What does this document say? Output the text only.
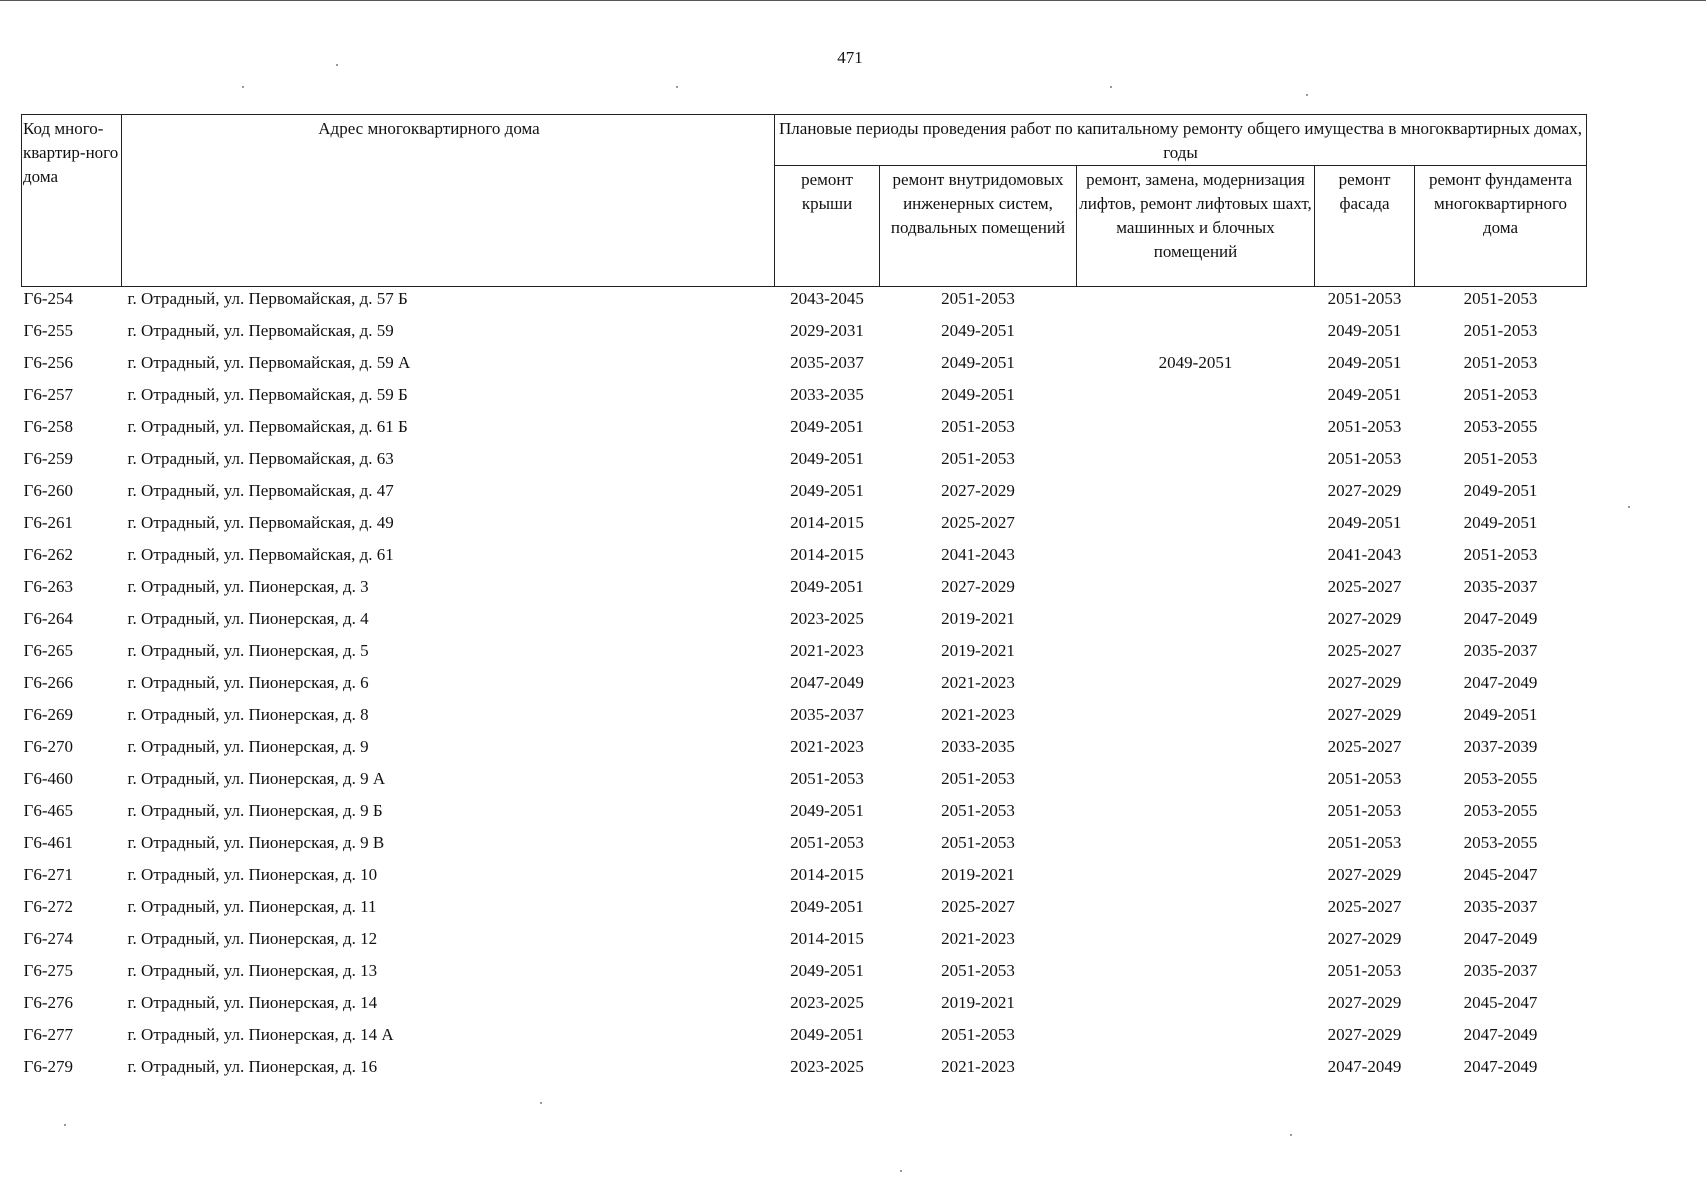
471
Код много-квартир-ного дома	Адрес многоквартирного дома	Плановые периоды проведения работ по капитальному ремонту общего имущества в многоквартирных домах, годы				
		ремонт крыши	ремонт внутридомовых инженерных систем, подвальных помещений	ремонт, замена, модернизация лифтов, ремонт лифтовых шахт, машинных и блочных помещений	ремонт фасада	ремонт фундамента многоквартирного дома
Г6-254	г. Отрадный, ул. Первомайская, д. 57 Б	2043-2045	2051-2053		2051-2053	2051-2053
Г6-255	г. Отрадный, ул. Первомайская, д. 59	2029-2031	2049-2051		2049-2051	2051-2053
Г6-256	г. Отрадный, ул. Первомайская, д. 59 А	2035-2037	2049-2051	2049-2051	2049-2051	2051-2053
Г6-257	г. Отрадный, ул. Первомайская, д. 59 Б	2033-2035	2049-2051		2049-2051	2051-2053
Г6-258	г. Отрадный, ул. Первомайская, д. 61 Б	2049-2051	2051-2053		2051-2053	2053-2055
Г6-259	г. Отрадный, ул. Первомайская, д. 63	2049-2051	2051-2053		2051-2053	2051-2053
Г6-260	г. Отрадный, ул. Первомайская, д. 47	2049-2051	2027-2029		2027-2029	2049-2051
Г6-261	г. Отрадный, ул. Первомайская, д. 49	2014-2015	2025-2027		2049-2051	2049-2051
Г6-262	г. Отрадный, ул. Первомайская, д. 61	2014-2015	2041-2043		2041-2043	2051-2053
Г6-263	г. Отрадный, ул. Пионерская, д. 3	2049-2051	2027-2029		2025-2027	2035-2037
Г6-264	г. Отрадный, ул. Пионерская, д. 4	2023-2025	2019-2021		2027-2029	2047-2049
Г6-265	г. Отрадный, ул. Пионерская, д. 5	2021-2023	2019-2021		2025-2027	2035-2037
Г6-266	г. Отрадный, ул. Пионерская, д. 6	2047-2049	2021-2023		2027-2029	2047-2049
Г6-269	г. Отрадный, ул. Пионерская, д. 8	2035-2037	2021-2023		2027-2029	2049-2051
Г6-270	г. Отрадный, ул. Пионерская, д. 9	2021-2023	2033-2035		2025-2027	2037-2039
Г6-460	г. Отрадный, ул. Пионерская, д. 9 А	2051-2053	2051-2053		2051-2053	2053-2055
Г6-465	г. Отрадный, ул. Пионерская, д. 9 Б	2049-2051	2051-2053		2051-2053	2053-2055
Г6-461	г. Отрадный, ул. Пионерская, д. 9 В	2051-2053	2051-2053		2051-2053	2053-2055
Г6-271	г. Отрадный, ул. Пионерская, д. 10	2014-2015	2019-2021		2027-2029	2045-2047
Г6-272	г. Отрадный, ул. Пионерская, д. 11	2049-2051	2025-2027		2025-2027	2035-2037
Г6-274	г. Отрадный, ул. Пионерская, д. 12	2014-2015	2021-2023		2027-2029	2047-2049
Г6-275	г. Отрадный, ул. Пионерская, д. 13	2049-2051	2051-2053		2051-2053	2035-2037
Г6-276	г. Отрадный, ул. Пионерская, д. 14	2023-2025	2019-2021		2027-2029	2045-2047
Г6-277	г. Отрадный, ул. Пионерская, д. 14 А	2049-2051	2051-2053		2027-2029	2047-2049
Г6-279	г. Отрадный, ул. Пионерская, д. 16	2023-2025	2021-2023		2047-2049	2047-2049
